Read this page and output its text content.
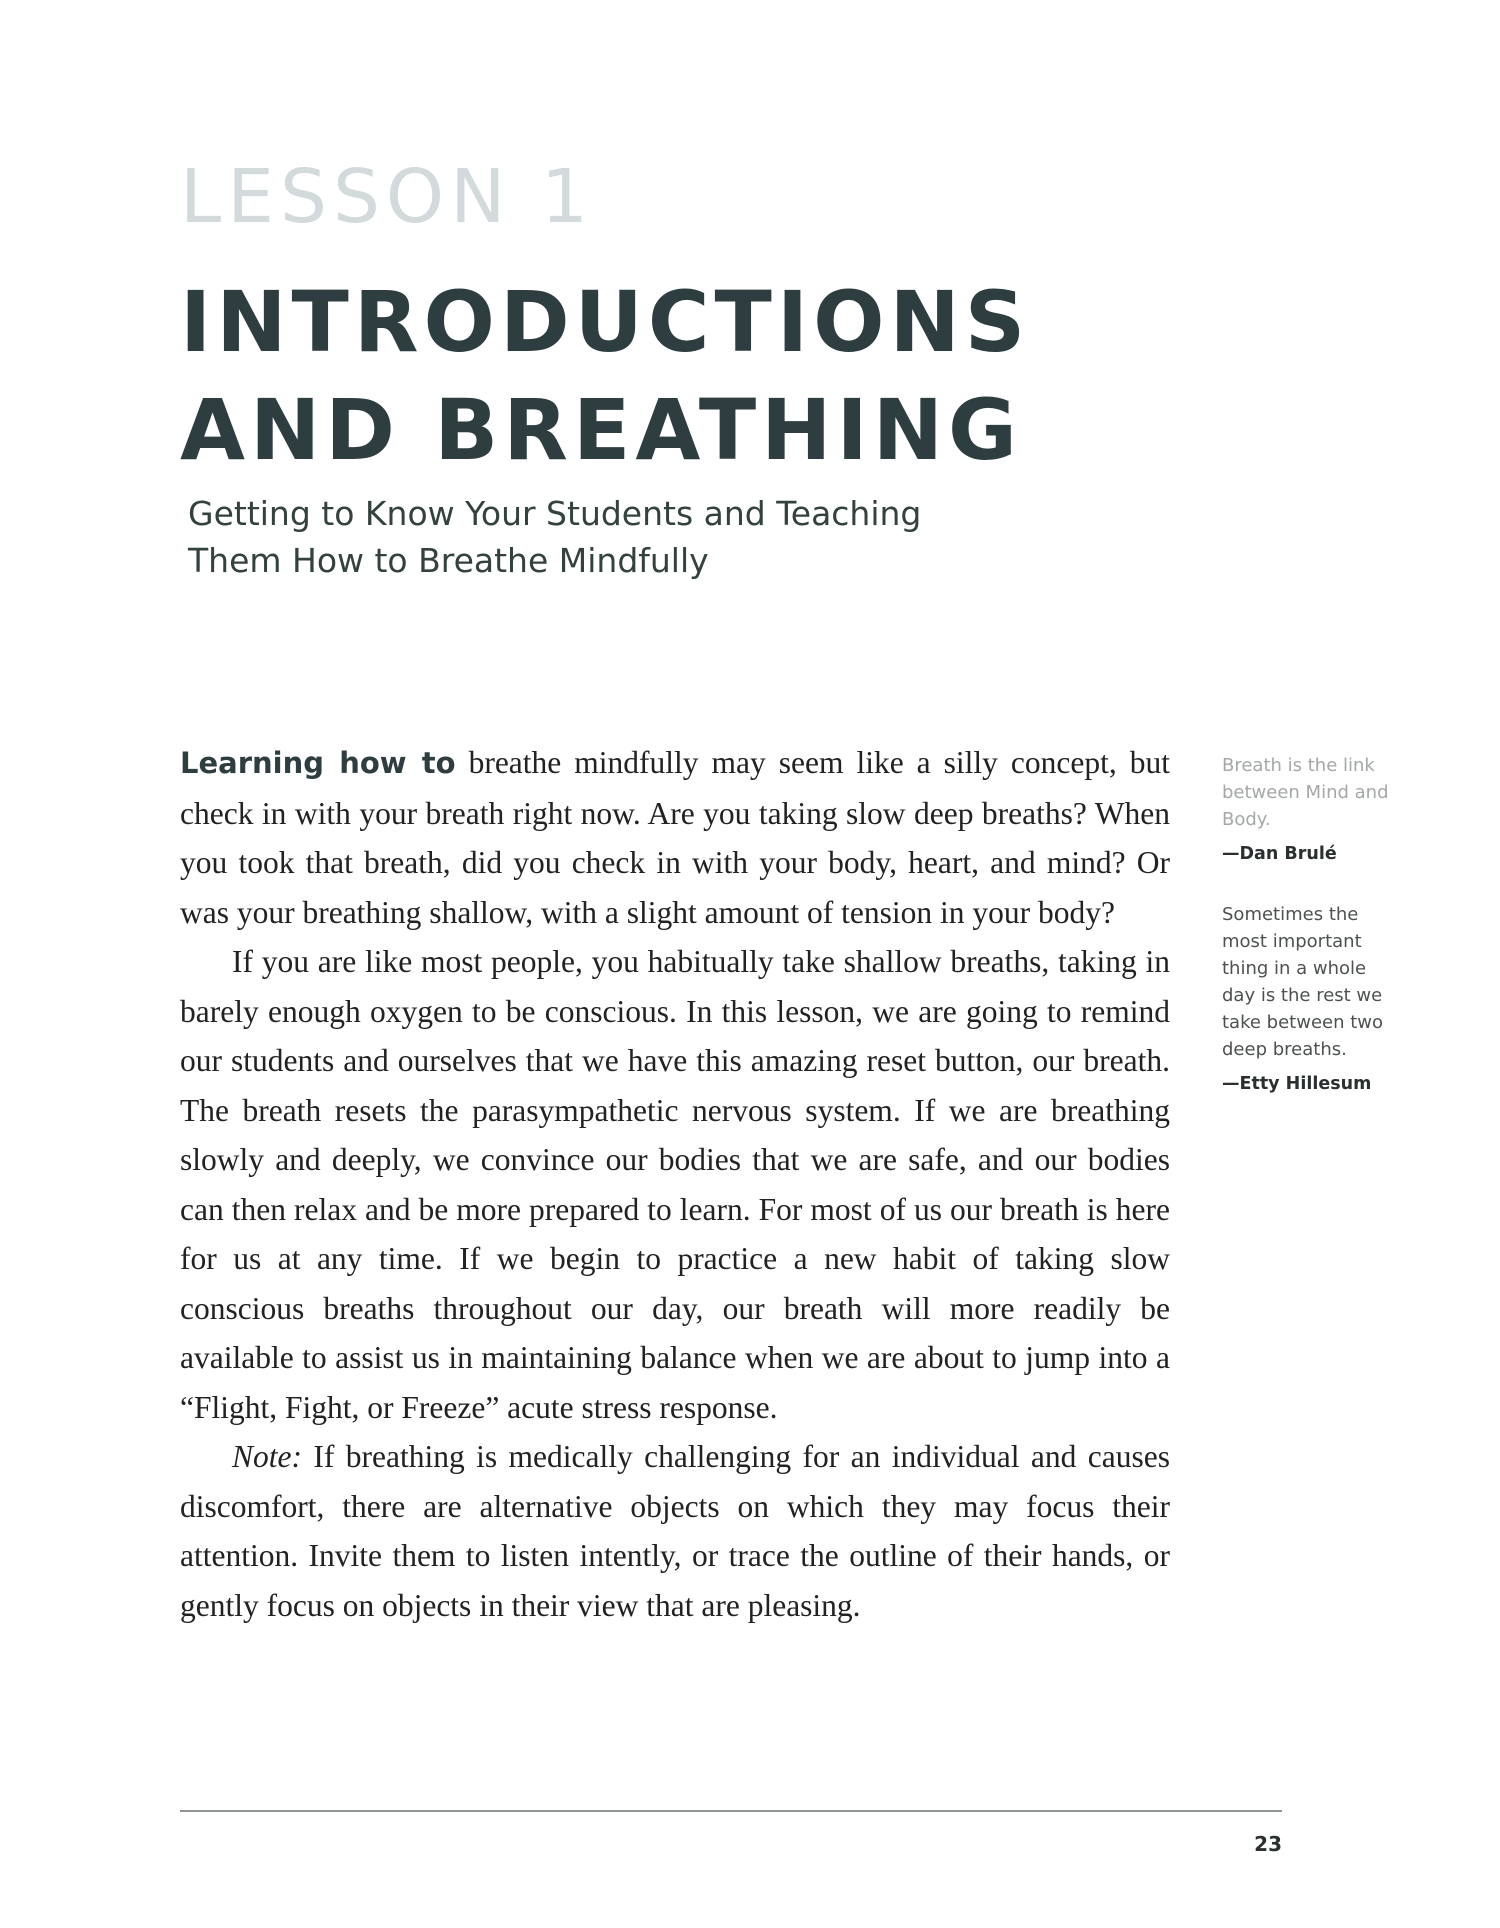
LESSON 1
INTRODUCTIONS
AND BREATHING
Getting to Know Your Students and Teaching
Them How to Breathe Mindfully

Learning how to breathe mindfully may seem like a silly concept, but check in with your breath right now. Are you taking slow deep breaths? When you took that breath, did you check in with your body, heart, and mind? Or was your breathing shallow, with a slight amount of tension in your body?

If you are like most people, you habitually take shallow breaths, taking in barely enough oxygen to be conscious. In this lesson, we are going to remind our students and ourselves that we have this amazing reset button, our breath. The breath resets the parasympathetic nervous system. If we are breathing slowly and deeply, we convince our bodies that we are safe, and our bodies can then relax and be more prepared to learn. For most of us our breath is here for us at any time. If we begin to practice a new habit of taking slow conscious breaths throughout our day, our breath will more readily be available to assist us in maintaining balance when we are about to jump into a “Flight, Fight, or Freeze” acute stress response.

Note: If breathing is medically challenging for an individual and causes discomfort, there are alternative objects on which they may focus their attention. Invite them to listen intently, or trace the outline of their hands, or gently focus on objects in their view that are pleasing.

Breath is the link between Mind and Body.

—Dan Brulé

Sometimes the most important thing in a whole day is the rest we take between two deep breaths.

—Etty Hillesum

23
